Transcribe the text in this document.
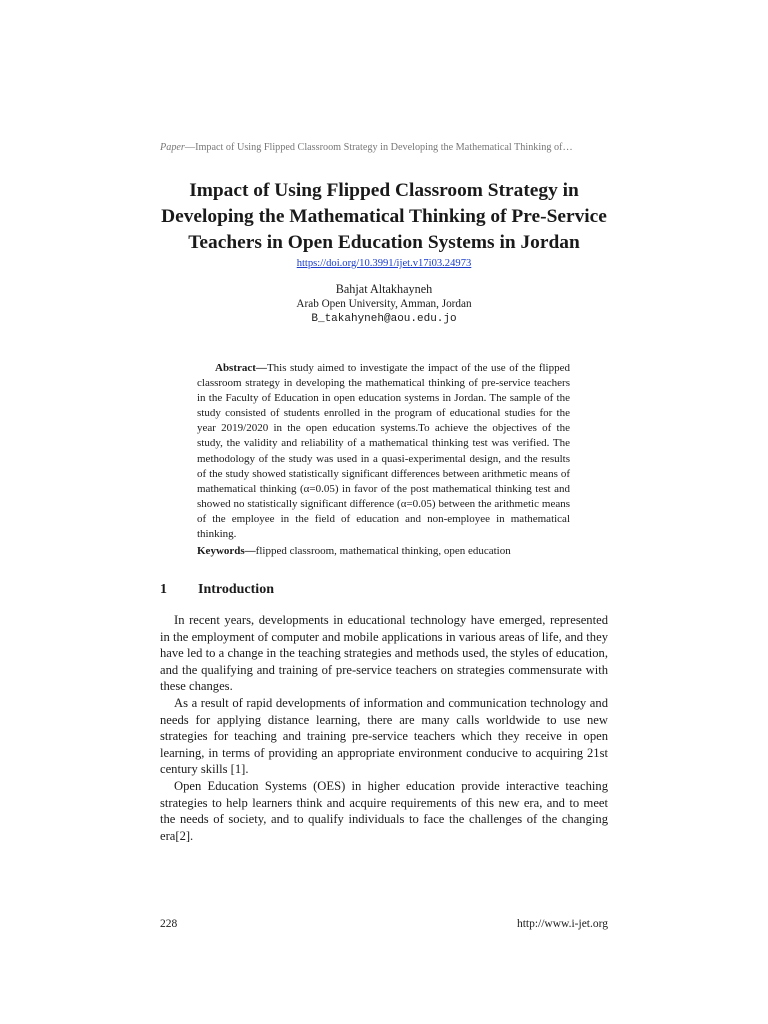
Paper—Impact of Using Flipped Classroom Strategy in Developing the Mathematical Thinking of…
Impact of Using Flipped Classroom Strategy in Developing the Mathematical Thinking of Pre-Service Teachers in Open Education Systems in Jordan
https://doi.org/10.3991/ijet.v17i03.24973
Bahjat Altakhayneh
Arab Open University, Amman, Jordan
B_takahyneh@aou.edu.jo

Abstract—This study aimed to investigate the impact of the use of the flipped classroom strategy in developing the mathematical thinking of pre-service teachers in the Faculty of Education in open education systems in Jordan. The sample of the study consisted of students enrolled in the program of educational studies for the year 2019/2020 in the open education systems.To achieve the objectives of the study, the validity and reliability of a mathematical thinking test was verified. The methodology of the study was used in a quasi-experimental design, and the results of the study showed statistically significant differences between arithmetic means of mathematical thinking (α=0.05) in favor of the post mathematical thinking test and showed no statistically significant difference (α=0.05) between the arithmetic means of the employee in the field of education and non-employee in mathematical thinking.

Keywords—flipped classroom, mathematical thinking, open education
1 Introduction

In recent years, developments in educational technology have emerged, represented in the employment of computer and mobile applications in various areas of life, and they have led to a change in the teaching strategies and methods used, the styles of education, and the qualifying and training of pre-service teachers on strategies commensurate with these changes.

As a result of rapid developments of information and communication technology and needs for applying distance learning, there are many calls worldwide to use new strategies for teaching and training pre-service teachers which they receive in open learning, in terms of providing an appropriate environment conducive to acquiring 21st century skills [1].

Open Education Systems (OES) in higher education provide interactive teaching strategies to help learners think and acquire requirements of this new era, and to meet the needs of society, and to qualify individuals to face the challenges of the changing era[2].

228	http://www.i-jet.org
